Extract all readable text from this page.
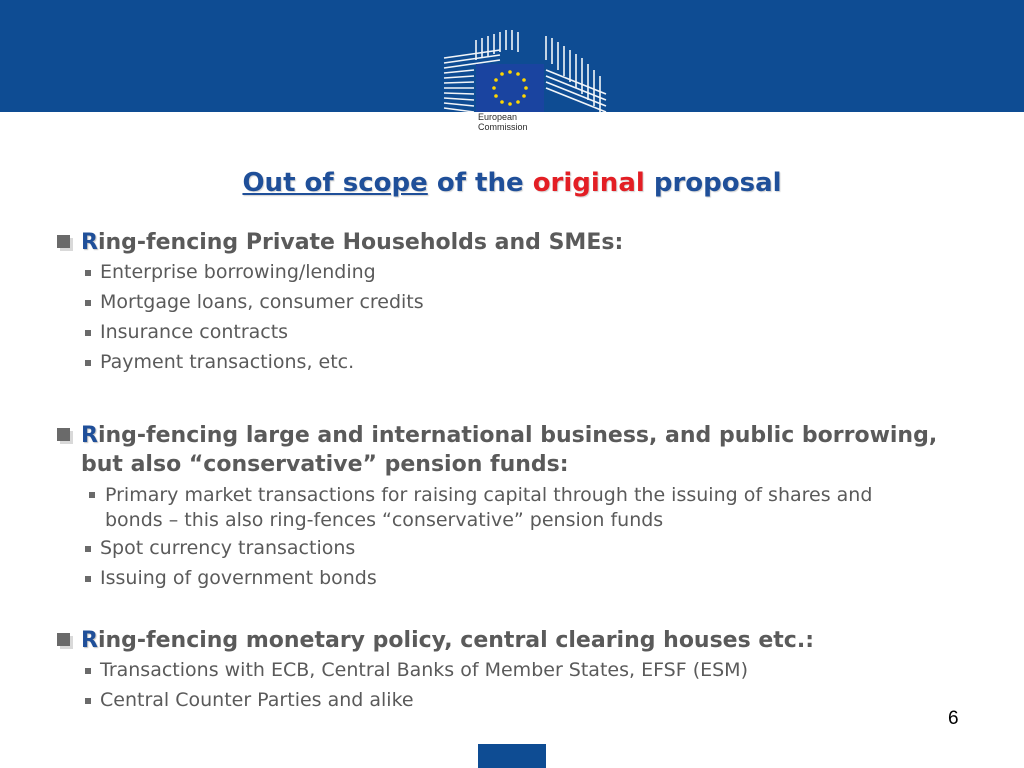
European
Commission
Out of scope of the original proposal
Ring-fencing Private Households and SMEs:
Enterprise borrowing/lending
Mortgage loans, consumer credits
Insurance contracts
Payment transactions, etc.
Ring-fencing large and international business, and public borrowing, but also “conservative” pension funds:
Primary market transactions for raising capital through the issuing of shares and bonds – this also ring-fences “conservative” pension funds
Spot currency transactions
Issuing of government bonds
Ring-fencing monetary policy, central clearing houses etc.:
Transactions with ECB, Central Banks of Member States, EFSF (ESM)
Central Counter Parties and alike
6
